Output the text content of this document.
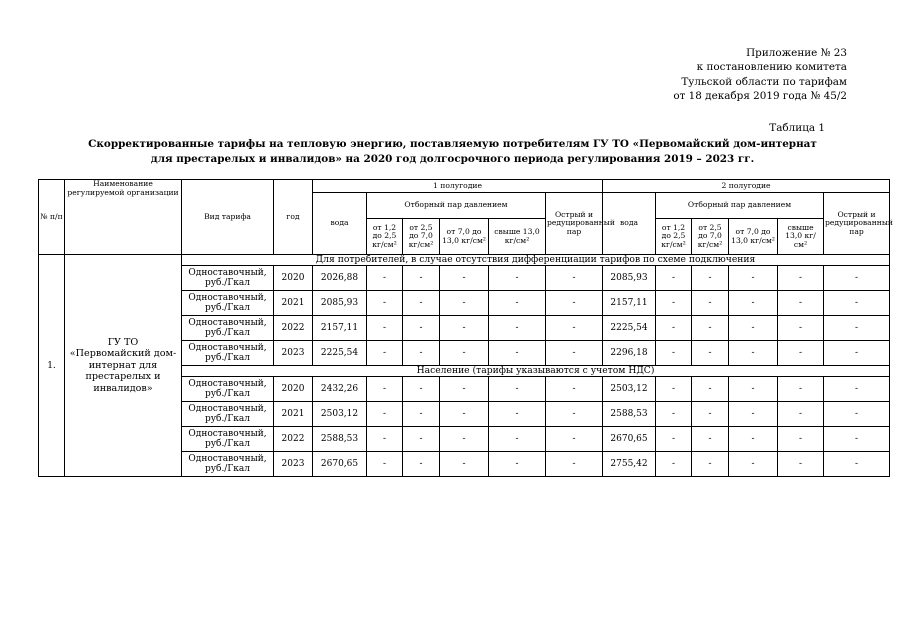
Приложение № 23
к постановлению комитета
Тульской области по тарифам
от 18 декабря 2019 года № 45/2
Таблица 1
Скорректированные тарифы на тепловую энергию, поставляемую потребителям ГУ ТО «Первомайский дом-интернат
для престарелых и инвалидов» на 2020 год долгосрочного периода регулирования 2019 – 2023 гг.
№ п/п	Наименование регулируемой организации	Вид тарифа	год	1 полугодие						2 полугодие					
				вода	Отборный пар давлением				Острый и редуцированный пар	вода	Отборный пар давлением				Острый и редуцированный пар
					от 1,2 до 2,5 кг/см²	от 2,5 до 7,0 кг/см²	от 7,0 до 13,0 кг/см²	свыше 13,0 кг/см²			от 1,2 до 2,5 кг/см²	от 2,5 до 7,0 кг/см²	от 7,0 до 13,0 кг/см²	свыше 13,0 кг/см²	
1.	ГУ ТО «Первомайский дом-интернат для престарелых и инвалидов»	Для потребителей, в случае отсутствия дифференциации тарифов по схеме подключения													
		Одноставочный, руб./Гкал	2020	2026,88	-	-	-	-	-	2085,93	-	-	-	-	-
		Одноставочный, руб./Гкал	2021	2085,93	-	-	-	-	-	2157,11	-	-	-	-	-
		Одноставочный, руб./Гкал	2022	2157,11	-	-	-	-	-	2225,54	-	-	-	-	-
		Одноставочный, руб./Гкал	2023	2225,54	-	-	-	-	-	2296,18	-	-	-	-	-
		Население (тарифы указываются с учетом НДС)													
		Одноставочный, руб./Гкал	2020	2432,26	-	-	-	-	-	2503,12	-	-	-	-	-
		Одноставочный, руб./Гкал	2021	2503,12	-	-	-	-	-	2588,53	-	-	-	-	-
		Одноставочный, руб./Гкал	2022	2588,53	-	-	-	-	-	2670,65	-	-	-	-	-
		Одноставочный, руб./Гкал	2023	2670,65	-	-	-	-	-	2755,42	-	-	-	-	-
